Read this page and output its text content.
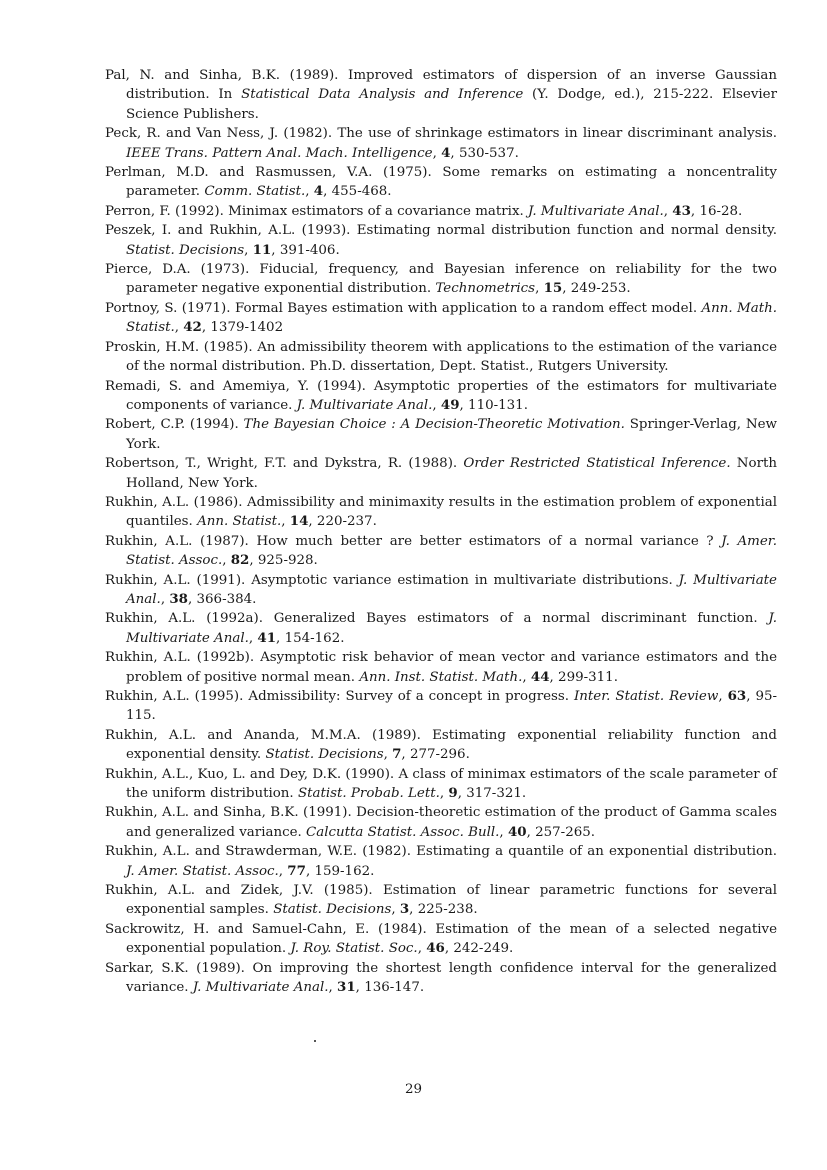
Pal, N. and Sinha, B.K. (1989). Improved estimators of dispersion of an inverse Gaussian distribution. In Statistical Data Analysis and Inference (Y. Dodge, ed.), 215-222. Elsevier Science Publishers.
Peck, R. and Van Ness, J. (1982). The use of shrinkage estimators in linear discriminant analysis. IEEE Trans. Pattern Anal. Mach. Intelligence, 4, 530-537.
Perlman, M.D. and Rasmussen, V.A. (1975). Some remarks on estimating a noncentrality parameter. Comm. Statist., 4, 455-468.
Perron, F. (1992). Minimax estimators of a covariance matrix. J. Multivariate Anal., 43, 16-28.
Peszek, I. and Rukhin, A.L. (1993). Estimating normal distribution function and normal density. Statist. Decisions, 11, 391-406.
Pierce, D.A. (1973). Fiducial, frequency, and Bayesian inference on reliability for the two parameter negative exponential distribution. Technometrics, 15, 249-253.
Portnoy, S. (1971). Formal Bayes estimation with application to a random effect model. Ann. Math. Statist., 42, 1379-1402
Proskin, H.M. (1985). An admissibility theorem with applications to the estimation of the variance of the normal distribution. Ph.D. dissertation, Dept. Statist., Rutgers University.
Remadi, S. and Amemiya, Y. (1994). Asymptotic properties of the estimators for multivariate components of variance. J. Multivariate Anal., 49, 110-131.
Robert, C.P. (1994). The Bayesian Choice : A Decision-Theoretic Motivation. Springer-Verlag, New York.
Robertson, T., Wright, F.T. and Dykstra, R. (1988). Order Restricted Statistical Inference. North Holland, New York.
Rukhin, A.L. (1986). Admissibility and minimaxity results in the estimation problem of exponential quantiles. Ann. Statist., 14, 220-237.
Rukhin, A.L. (1987). How much better are better estimators of a normal variance ? J. Amer. Statist. Assoc., 82, 925-928.
Rukhin, A.L. (1991). Asymptotic variance estimation in multivariate distributions. J. Multivariate Anal., 38, 366-384.
Rukhin, A.L. (1992a). Generalized Bayes estimators of a normal discriminant function. J. Multivariate Anal., 41, 154-162.
Rukhin, A.L. (1992b). Asymptotic risk behavior of mean vector and variance estimators and the problem of positive normal mean. Ann. Inst. Statist. Math., 44, 299-311.
Rukhin, A.L. (1995). Admissibility: Survey of a concept in progress. Inter. Statist. Review, 63, 95-115.
Rukhin, A.L. and Ananda, M.M.A. (1989). Estimating exponential reliability function and exponential density. Statist. Decisions, 7, 277-296.
Rukhin, A.L., Kuo, L. and Dey, D.K. (1990). A class of minimax estimators of the scale parameter of the uniform distribution. Statist. Probab. Lett., 9, 317-321.
Rukhin, A.L. and Sinha, B.K. (1991). Decision-theoretic estimation of the product of Gamma scales and generalized variance. Calcutta Statist. Assoc. Bull., 40, 257-265.
Rukhin, A.L. and Strawderman, W.E. (1982). Estimating a quantile of an exponential distribution. J. Amer. Statist. Assoc., 77, 159-162.
Rukhin, A.L. and Zidek, J.V. (1985). Estimation of linear parametric functions for several exponential samples. Statist. Decisions, 3, 225-238.
Sackrowitz, H. and Samuel-Cahn, E. (1984). Estimation of the mean of a selected negative exponential population. J. Roy. Statist. Soc., 46, 242-249.
Sarkar, S.K. (1989). On improving the shortest length confidence interval for the generalized variance. J. Multivariate Anal., 31, 136-147.
29
